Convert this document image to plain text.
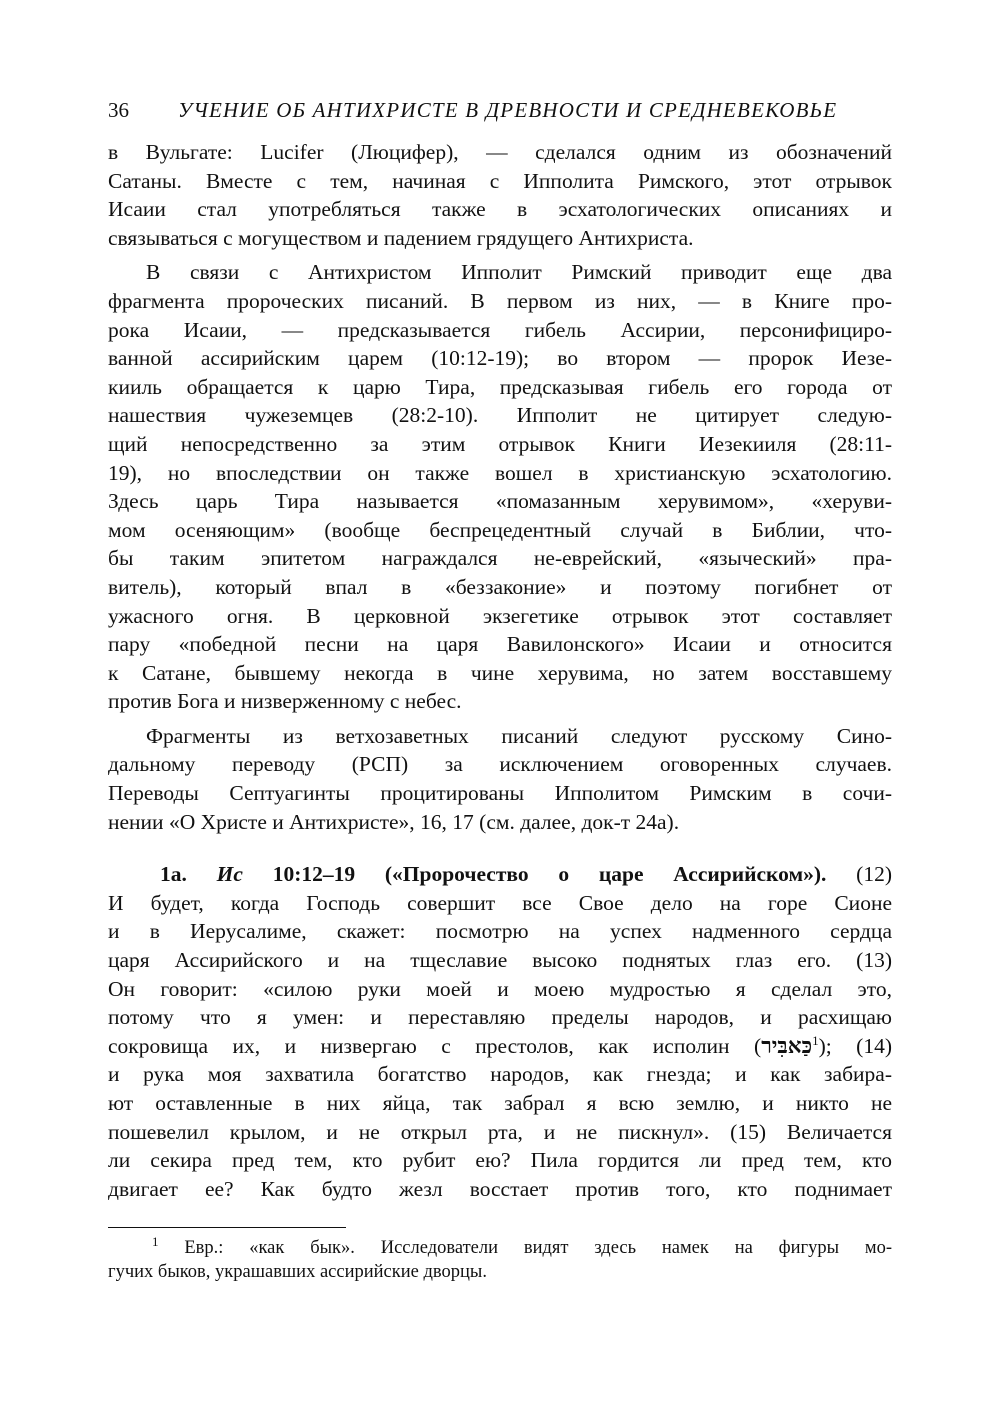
36	УЧЕНИЕ ОБ АНТИХРИСТЕ В ДРЕВНОСТИ И СРЕДНЕВЕКОВЬЕ
в Вульгате: Lucifer (Люцифер), — сделался одним из обозначений
Сатаны. Вместе с тем, начиная с Ипполита Римского, этот отрывок
Исаии стал употребляться также в эсхатологических описаниях и
связываться с могуществом и падением грядущего Антихриста.
В связи с Антихристом Ипполит Римский приводит еще два
фрагмента пророческих писаний. В первом из них, — в Книге про-
рока Исаии, — предсказывается гибель Ассирии, персонифициро-
ванной ассирийским царем (10:12-19); во втором — пророк Иезе-
кииль обращается к царю Тира, предсказывая гибель его города от
нашествия чужеземцев (28:2-10). Ипполит не цитирует следую-
щий непосредственно за этим отрывок Книги Иезекииля (28:11-
19), но впоследствии он также вошел в христианскую эсхатологию.
Здесь царь Тира называется «помазанным херувимом», «херуви-
мом осеняющим» (вообще беспрецедентный случай в Библии, что-
бы таким эпитетом награждался не-еврейский, «языческий» пра-
витель), который впал в «беззаконие» и поэтому погибнет от
ужасного огня. В церковной экзегетике отрывок этот составляет
пару «победной песни на царя Вавилонского» Исаии и относится
к Сатане, бывшему некогда в чине херувима, но затем восставшему
против Бога и низверженному с небес.
Фрагменты из ветхозаветных писаний следуют русскому Сино-
дальному переводу (РСП) за исключением оговоренных случаев.
Переводы Септуагинты процитированы Ипполитом Римским в сочи-
нении «О Христе и Антихристе», 16, 17 (см. далее, док-т 24а).
1а. Ис 10:12–19 («Пророчество о царе Ассирийском»). (12)
И будет, когда Господь совершит все Свое дело на горе Сионе
и в Иерусалиме, скажет: посмотрю на успех надменного сердца
царя Ассирийского и на тщеславие высоко поднятых глаз его. (13)
Он говорит: «силою руки моей и моею мудростью я сделал это,
потому что я умен: и переставляю пределы народов, и расхищаю
сокровища их, и низвергаю с престолов, как исполин (כַּאבִּיר$^1$); (14)
и рука моя захватила богатство народов, как гнезда; и как забира-
ют оставленные в них яйца, так забрал я всю землю, и никто не
пошевелил крылом, и не открыл рта, и не пискнул». (15) Величается
ли секира пред тем, кто рубит ею? Пила гордится ли пред тем, кто
двигает ее? Как будто жезл восстает против того, кто поднимает
$^1$ Евр.: «как бык». Исследователи видят здесь намек на фигуры мо-
гучих быков, украшавших ассирийские дворцы.
